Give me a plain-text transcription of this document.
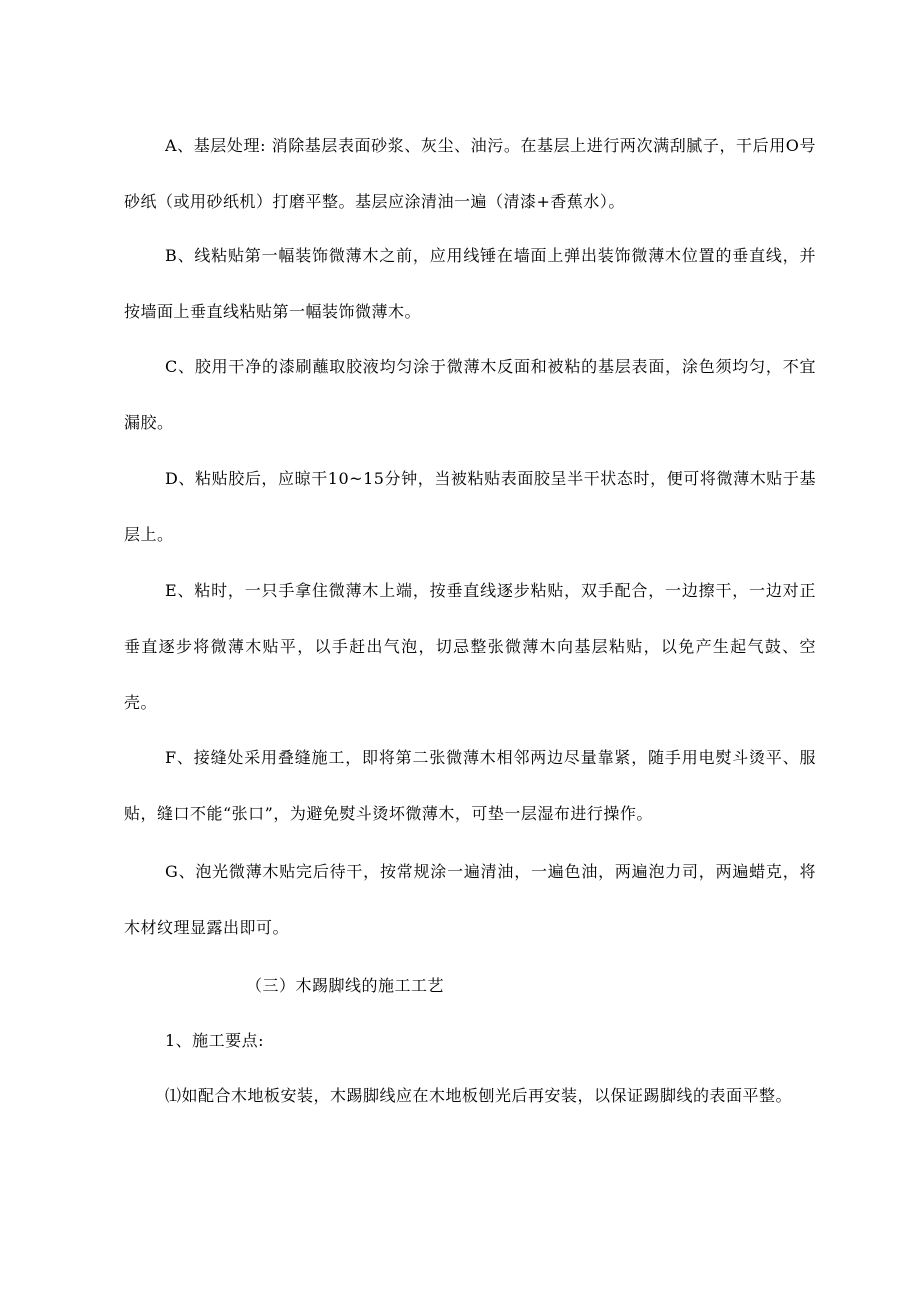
A、基层处理: 消除基层表面砂浆、灰尘、油污。在基层上进行两次满刮腻子，干后用O号砂纸（或用砂纸机）打磨平整。基层应涂清油一遍（清漆+香蕉水）。

B、线粘贴第一幅装饰微薄木之前，应用线锤在墙面上弹出装饰微薄木位置的垂直线，并按墙面上垂直线粘贴第一幅装饰微薄木。

C、胶用干净的漆刷蘸取胶液均匀涂于微薄木反面和被粘的基层表面，涂色须均匀，不宜漏胶。

D、粘贴胶后，应晾干10~15分钟，当被粘贴表面胶呈半干状态时，便可将微薄木贴于基层上。

E、粘时，一只手拿住微薄木上端，按垂直线逐步粘贴，双手配合，一边擦干，一边对正垂直逐步将微薄木贴平，以手赶出气泡，切忌整张微薄木向基层粘贴，以免产生起气鼓、空壳。

F、接缝处采用叠缝施工，即将第二张微薄木相邻两边尽量靠紧，随手用电熨斗烫平、服贴，缝口不能“张口”，为避免熨斗烫坏微薄木，可垫一层湿布进行操作。

G、泡光微薄木贴完后待干，按常规涂一遍清油，一遍色油，两遍泡力司，两遍蜡克，将木材纹理显露出即可。

（三）木踢脚线的施工工艺

1、施工要点:

⑴如配合木地板安装，木踢脚线应在木地板刨光后再安装，以保证踢脚线的表面平整。
